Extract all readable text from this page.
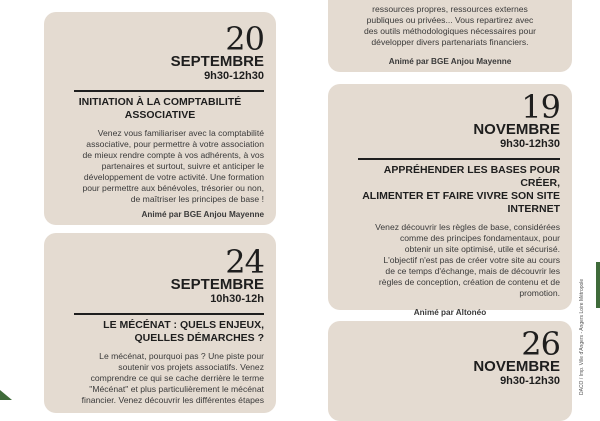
ressources propres, ressources externes
publiques ou privées... Vous repartirez avec
des outils méthodologiques nécessaires pour
développer divers partenariats financiers.
Animé par BGE Anjou Mayenne
20
SEPTEMBRE
9h30-12h30
INITIATION À LA COMPTABILITÉ
ASSOCIATIVE
Venez vous familiariser avec la comptabilité
associative, pour permettre à votre association
de mieux rendre compte à vos adhérents, à vos
partenaires et surtout, suivre et anticiper le
développement de votre activité. Une formation
pour permettre aux bénévoles, trésorier ou non,
de maîtriser les principes de base !
Animé par BGE Anjou Mayenne
24
SEPTEMBRE
10h30-12h
LE MÉCÉNAT : QUELS ENJEUX,
QUELLES DÉMARCHES ?
Le mécénat, pourquoi pas ? Une piste pour
soutenir vos projets associatifs. Venez
comprendre ce qui se cache derrière le terme
"Mécénat" et plus particulièrement le mécénat
financier. Venez découvrir les différentes étapes
19
NOVEMBRE
9h30-12h30
APPRÉHENDER LES BASES POUR CRÉER,
ALIMENTER ET FAIRE VIVRE SON SITE
INTERNET
Venez découvrir les règles de base, considérées
comme des principes fondamentaux, pour
obtenir un site optimisé, utile et sécurisé.
L'objectif n'est pas de créer votre site au cours
de ce temps d'échange, mais de découvrir les
règles de conception, création de contenu et de
promotion.
Animé par Altonéo
26
NOVEMBRE
9h30-12h30	DACO / Imp. Ville d'Angers - Angers Loire Métropole
